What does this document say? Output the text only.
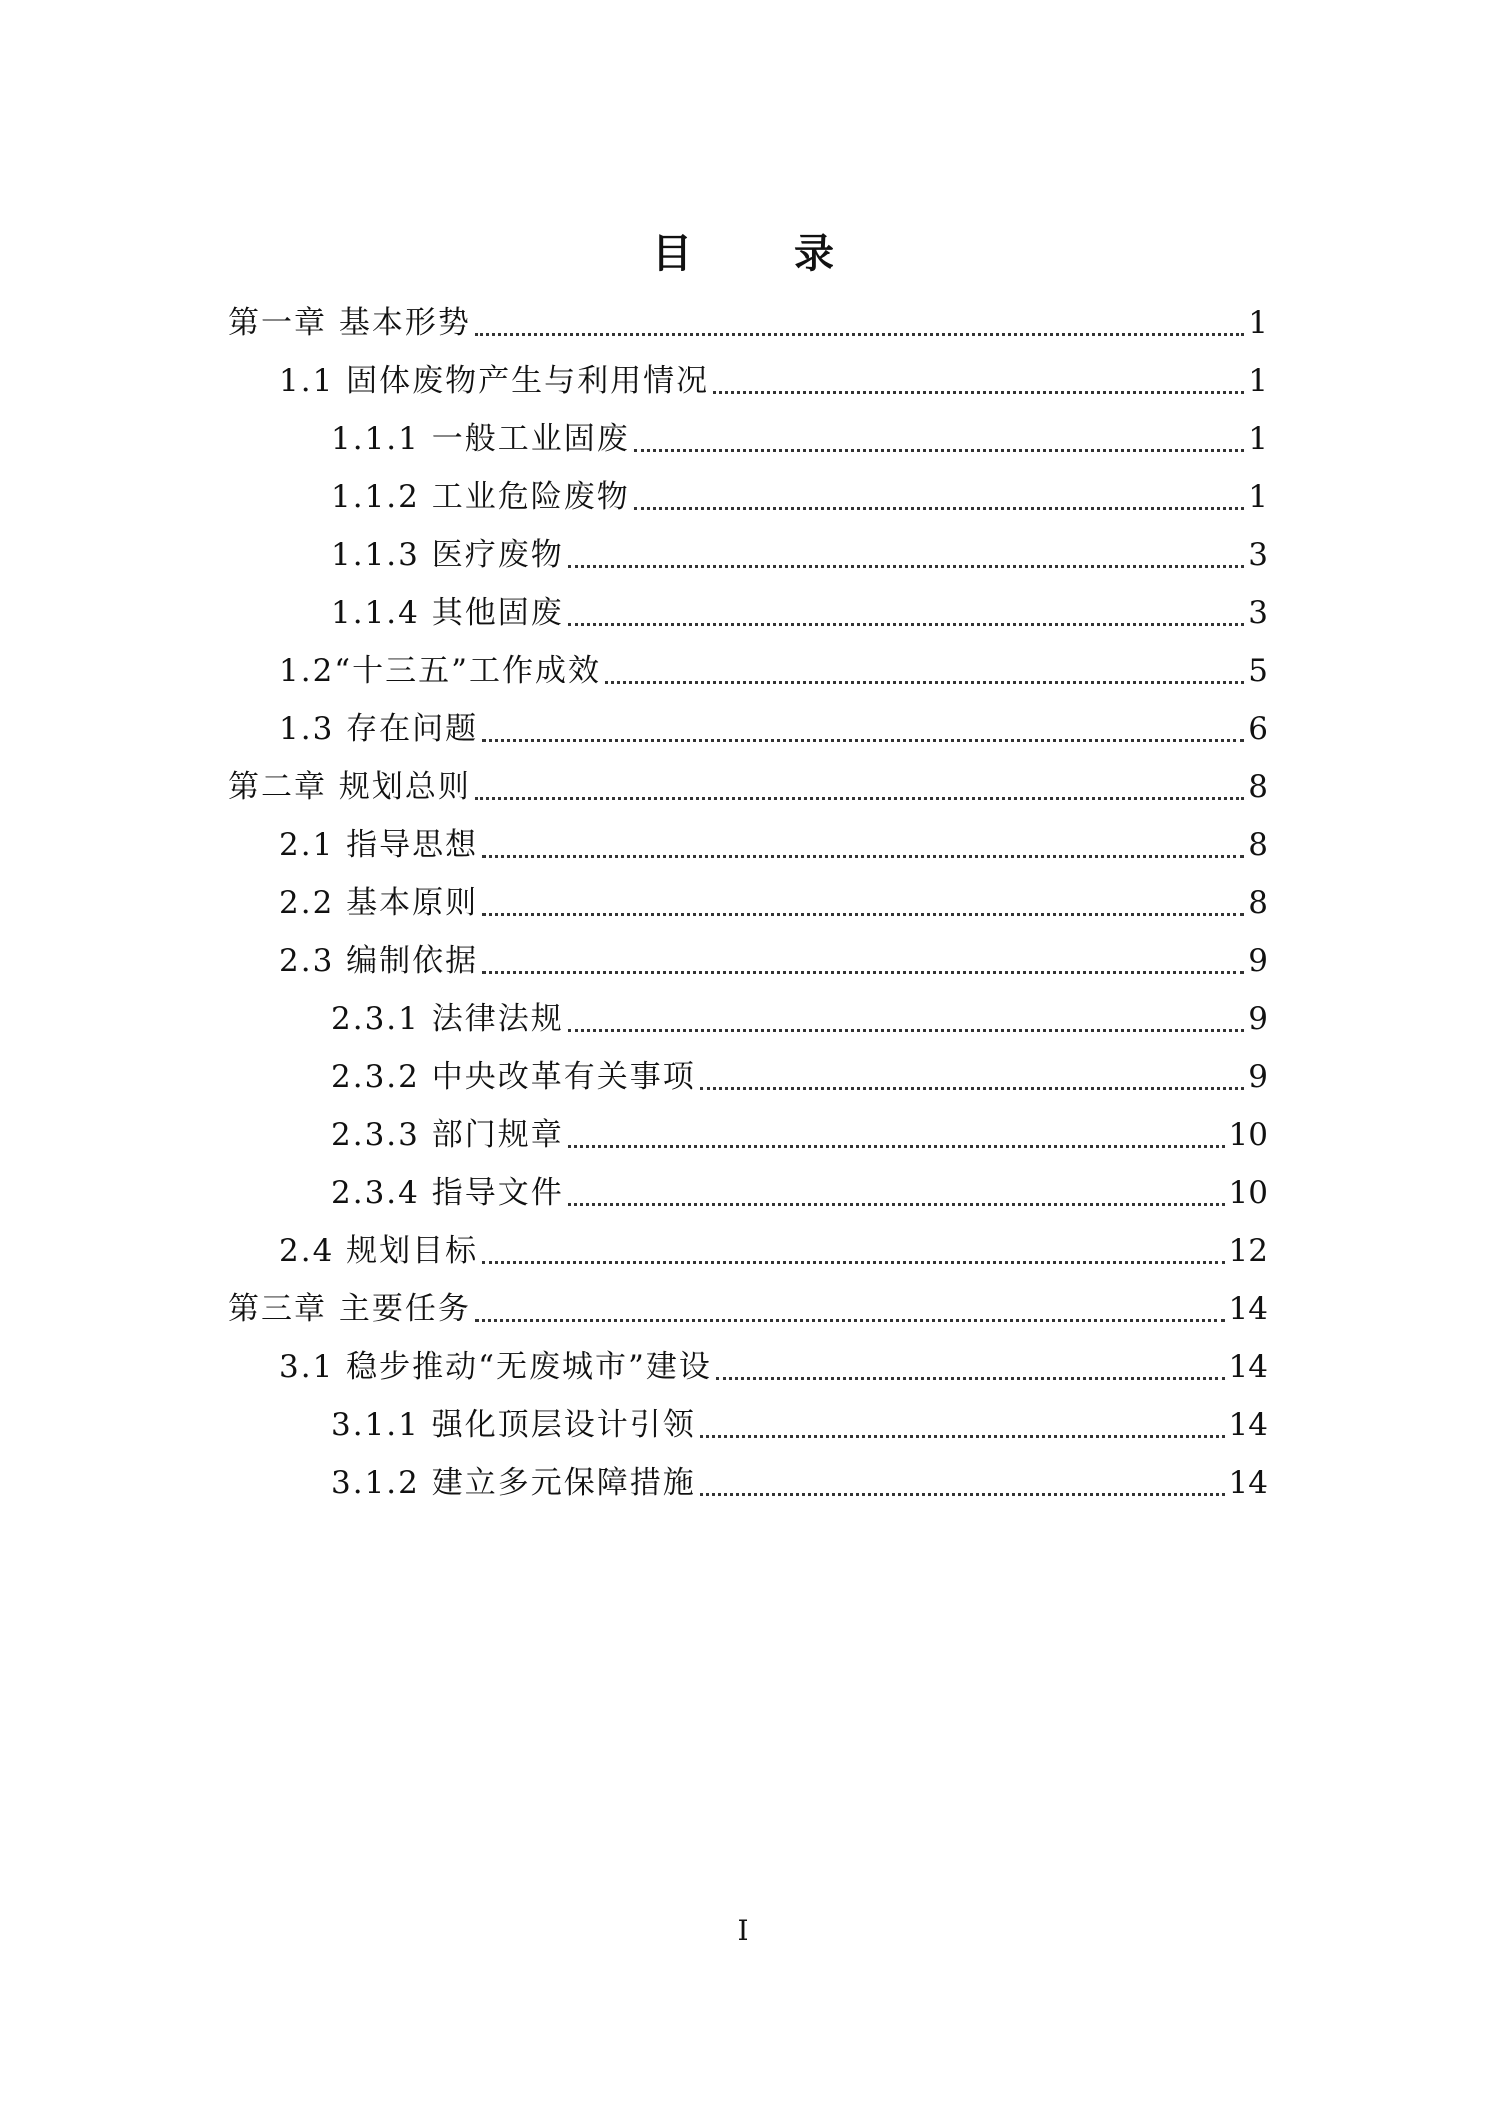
目 录
第一章 基本形势	1
1.1 固体废物产生与利用情况	1
1.1.1 一般工业固废	1
1.1.2 工业危险废物	1
1.1.3 医疗废物	3
1.1.4 其他固废	3
1.2“十三五”工作成效	5
1.3 存在问题	6
第二章 规划总则	8
2.1 指导思想	8
2.2 基本原则	8
2.3 编制依据	9
2.3.1 法律法规	9
2.3.2 中央改革有关事项	9
2.3.3 部门规章	10
2.3.4 指导文件	10
2.4 规划目标	12
第三章 主要任务	14
3.1 稳步推动“无废城市”建设	14
3.1.1 强化顶层设计引领	14
3.1.2 建立多元保障措施	14
I
